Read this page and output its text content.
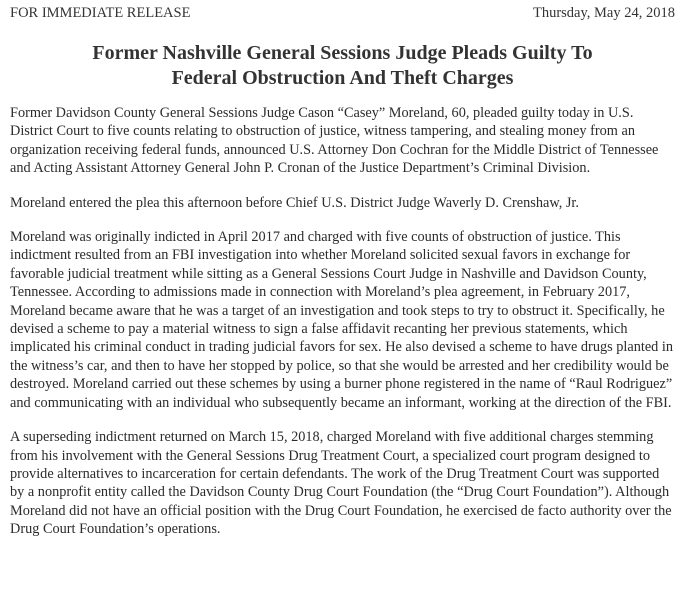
FOR IMMEDIATE RELEASE	Thursday, May 24, 2018
Former Nashville General Sessions Judge Pleads Guilty To
Federal Obstruction And Theft Charges

Former Davidson County General Sessions Judge Cason “Casey” Moreland, 60, pleaded guilty today in U.S. District Court to five counts relating to obstruction of justice, witness tampering, and stealing money from an organization receiving federal funds, announced U.S. Attorney Don Cochran for the Middle District of Tennessee and Acting Assistant Attorney General John P. Cronan of the Justice Department’s Criminal Division.

Moreland entered the plea this afternoon before Chief U.S. District Judge Waverly D. Crenshaw, Jr.

Moreland was originally indicted in April 2017 and charged with five counts of obstruction of justice. This indictment resulted from an FBI investigation into whether Moreland solicited sexual favors in exchange for favorable judicial treatment while sitting as a General Sessions Court Judge in Nashville and Davidson County, Tennessee. According to admissions made in connection with Moreland’s plea agreement, in February 2017, Moreland became aware that he was a target of an investigation and took steps to try to obstruct it. Specifically, he devised a scheme to pay a material witness to sign a false affidavit recanting her previous statements, which implicated his criminal conduct in trading judicial favors for sex. He also devised a scheme to have drugs planted in the witness’s car, and then to have her stopped by police, so that she would be arrested and her credibility would be destroyed. Moreland carried out these schemes by using a burner phone registered in the name of “Raul Rodriguez” and communicating with an individual who subsequently became an informant, working at the direction of the FBI.

A superseding indictment returned on March 15, 2018, charged Moreland with five additional charges stemming from his involvement with the General Sessions Drug Treatment Court, a specialized court program designed to provide alternatives to incarceration for certain defendants. The work of the Drug Treatment Court was supported by a nonprofit entity called the Davidson County Drug Court Foundation (the “Drug Court Foundation”). Although Moreland did not have an official position with the Drug Court Foundation, he exercised de facto authority over the Drug Court Foundation’s operations.
